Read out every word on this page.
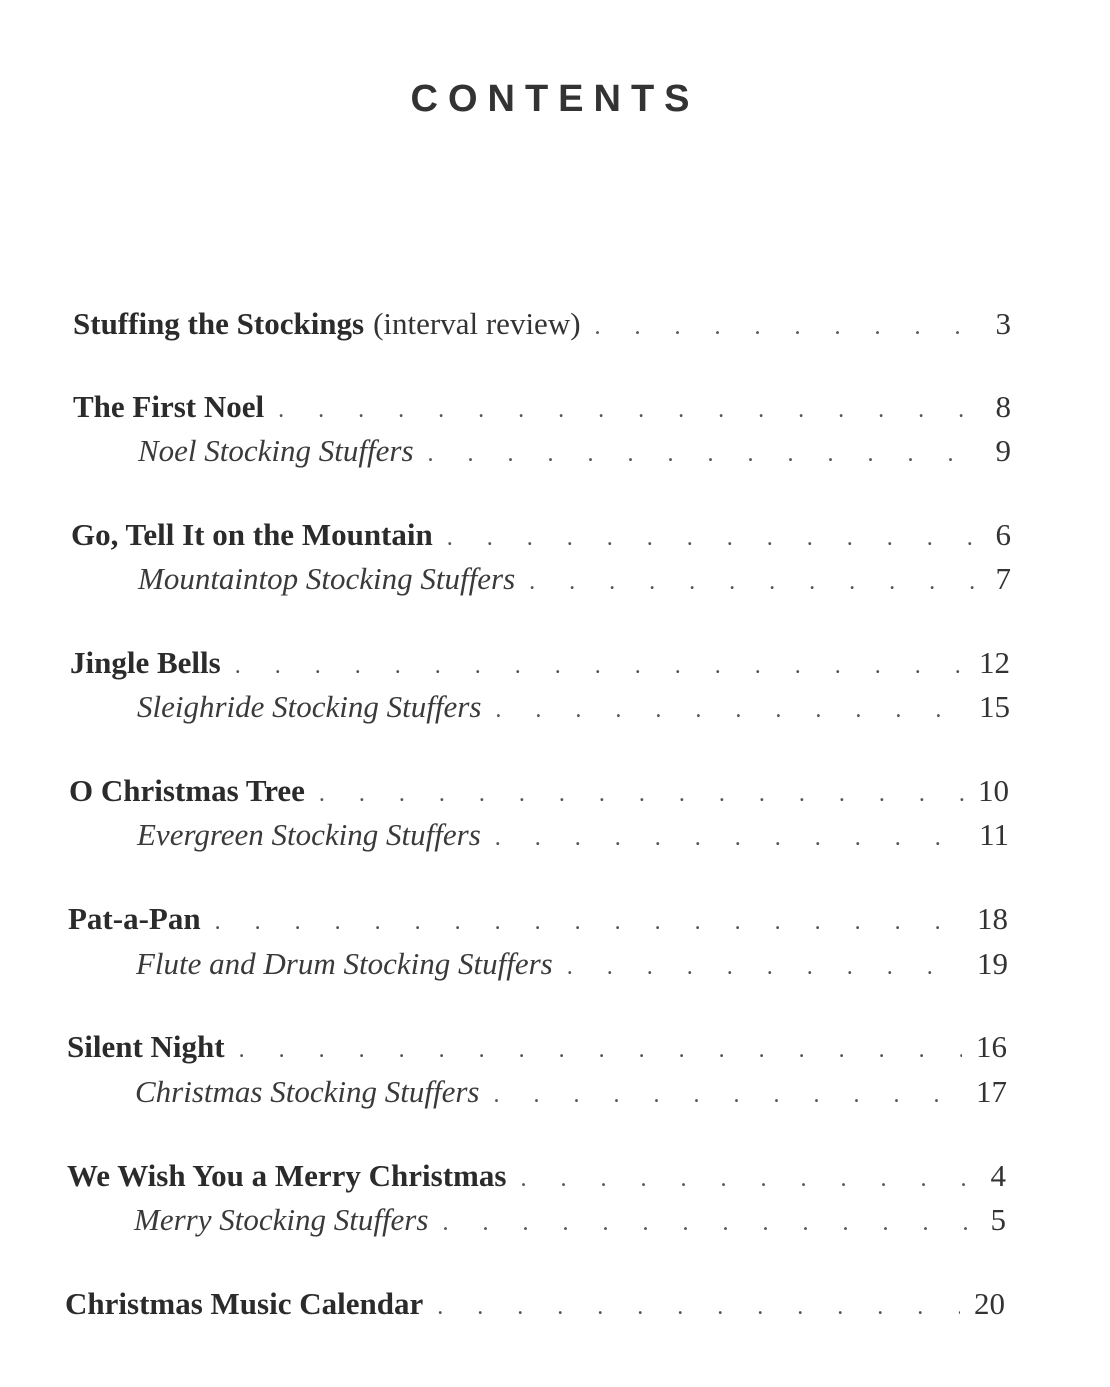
CONTENTS
Stuffing the Stockings (interval review) . . .	3
The First Noel . . .	8
Noel Stocking Stuffers . . .	9
Go, Tell It on the Mountain . . .	6
Mountaintop Stocking Stuffers . . .	7
Jingle Bells . . .	12
Sleighride Stocking Stuffers . . .	15
O Christmas Tree . . .	10
Evergreen Stocking Stuffers . . .	11
Pat-a-Pan . . .	18
Flute and Drum Stocking Stuffers . . .	19
Silent Night . . .	16
Christmas Stocking Stuffers . . .	17
We Wish You a Merry Christmas . . .	4
Merry Stocking Stuffers . . .	5
Christmas Music Calendar . . .	20
